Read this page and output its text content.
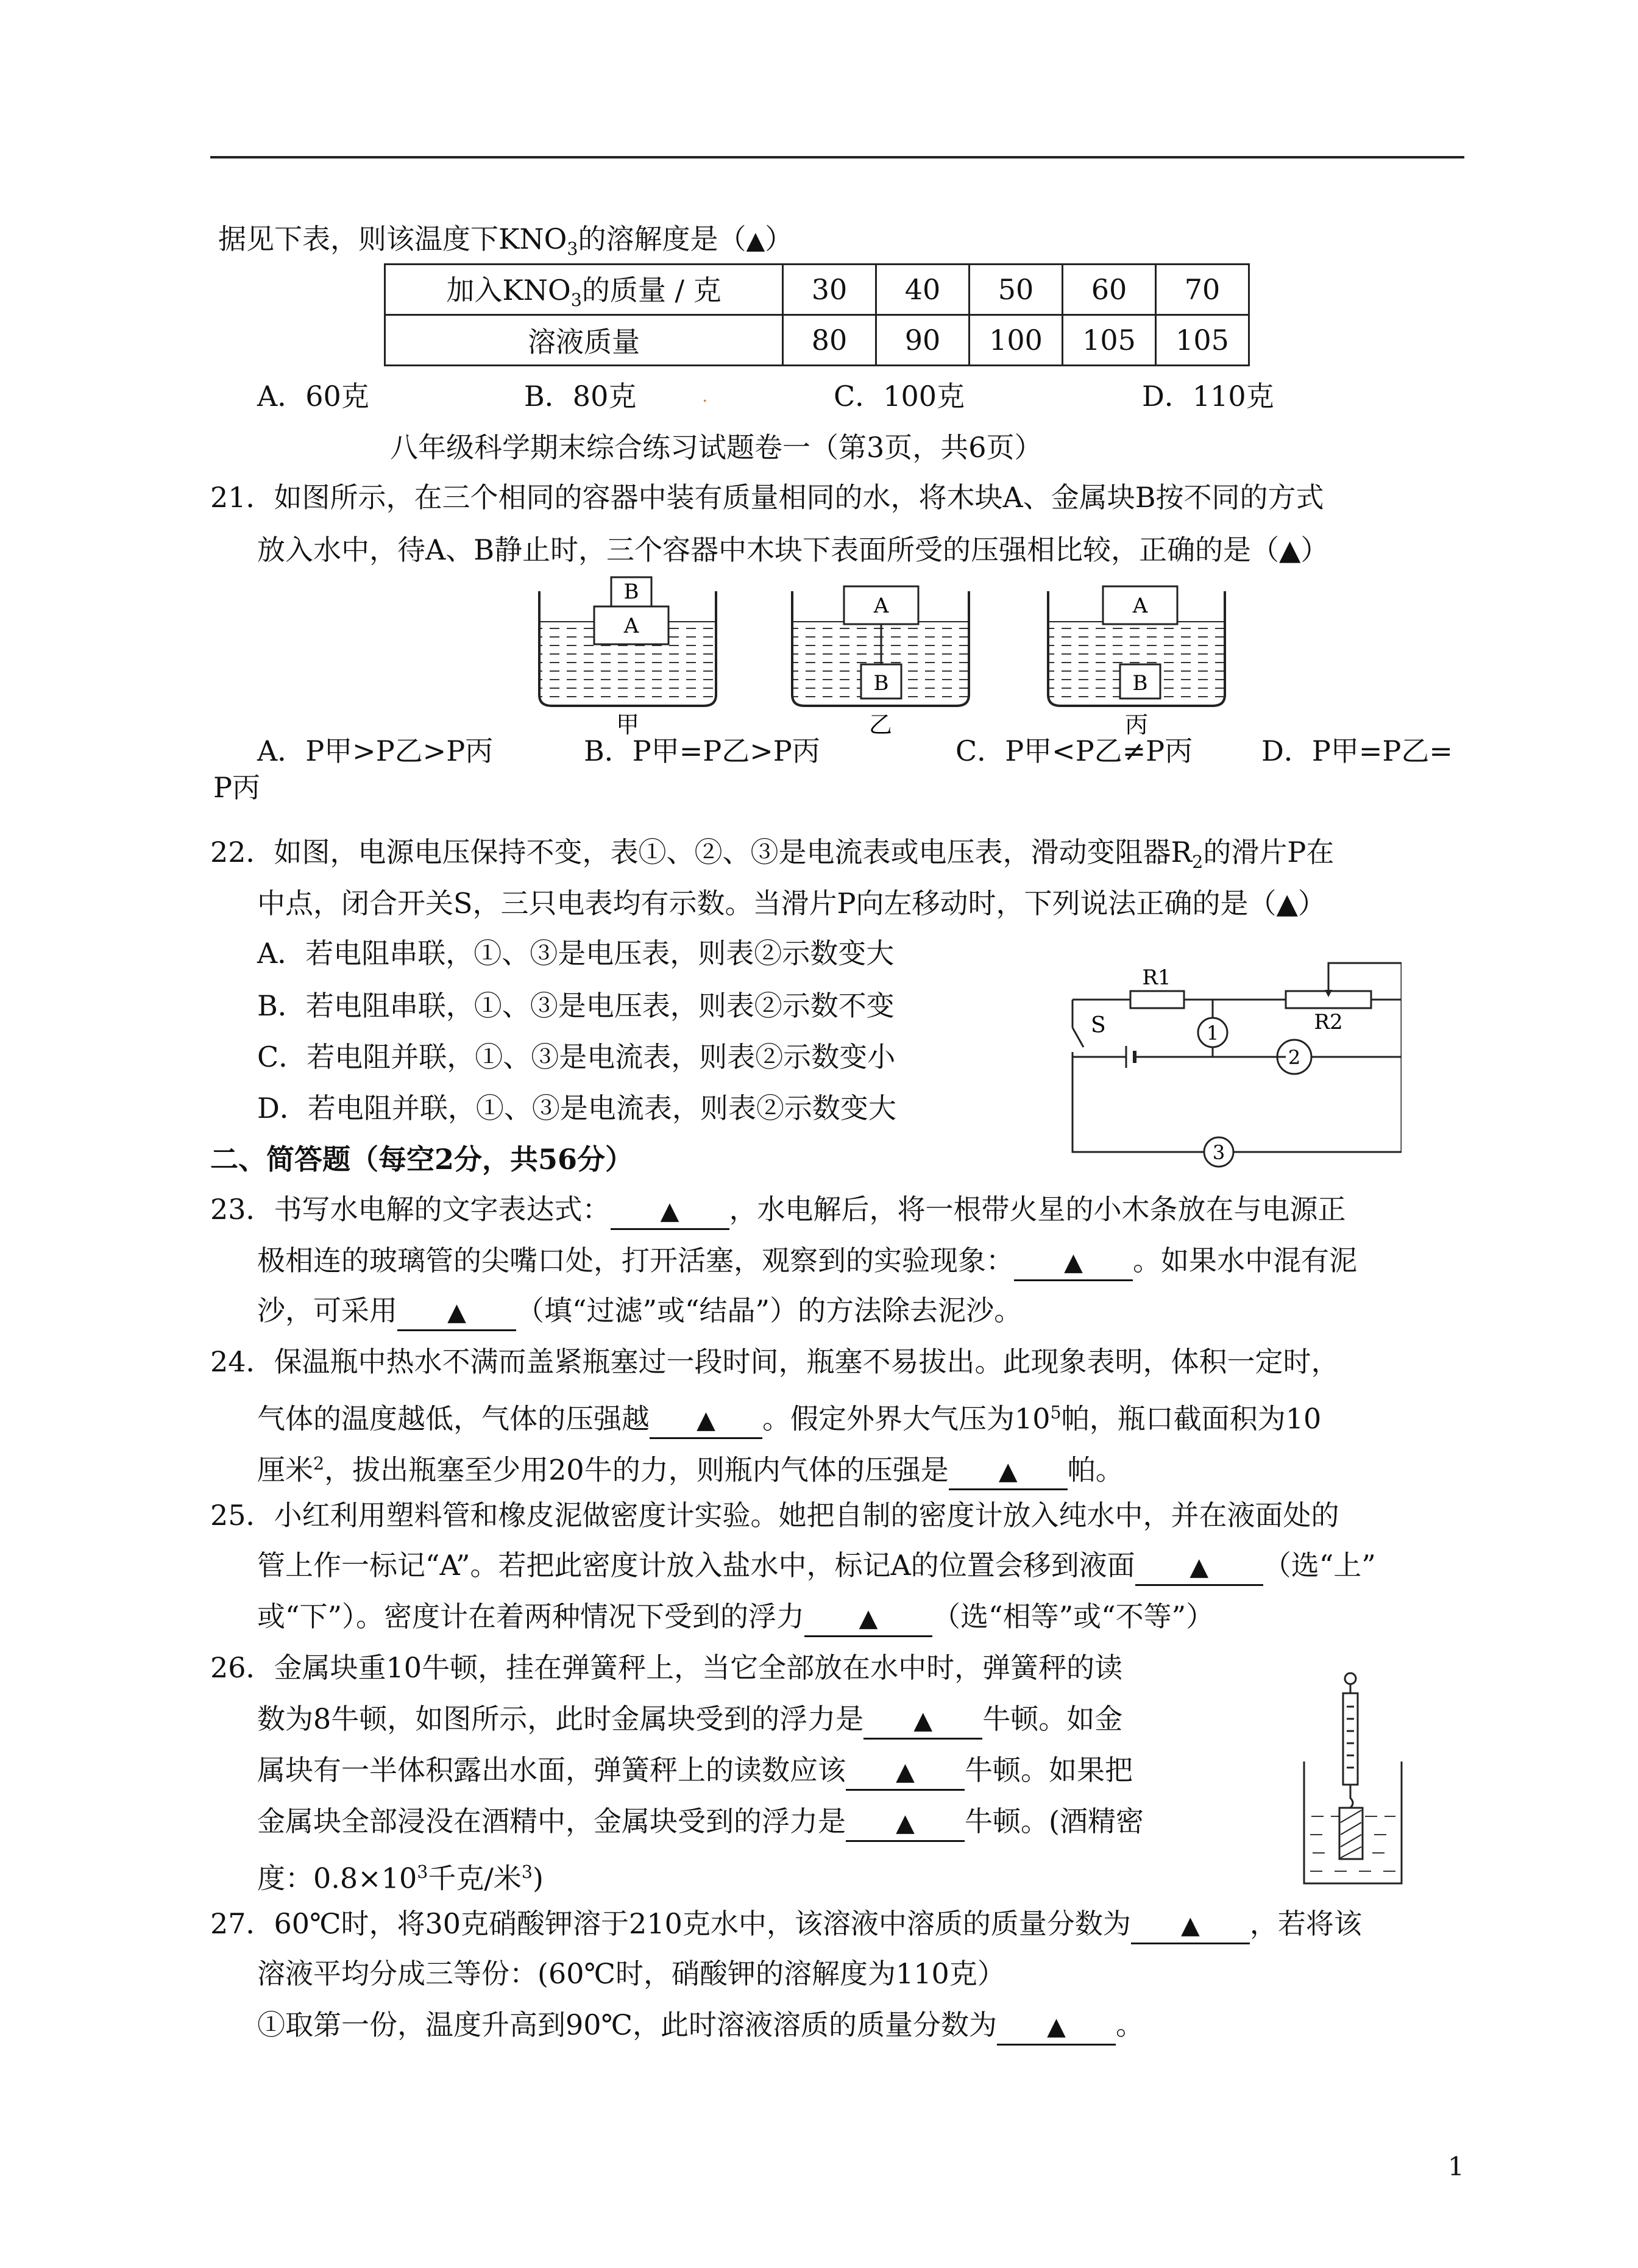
据见下表，则该温度下$KNO_3$的溶解度是（▲）
加入$KNO_3$的质量 / 克	30	40	50	60	70
溶液质量	80	90	100	105	105
A．60克	B．80克	.	C．100克	D．110克
八年级科学期末综合练习试题卷一（第3页，共6页）
21．如图所示，在三个相同的容器中装有质量相同的水，将木块A、金属块B按不同的方式
放入水中，待A、B静止时，三个容器中木块下表面所受的压强相比较，正确的是（▲）
A
B
A
B
A
B
甲	乙	丙
A．P甲>P乙>P丙	B．P甲=P乙>P丙	C．P甲<P乙≠P丙 D．P甲=P乙=
P丙
22．如图，电源电压保持不变，表①、②、③是电流表或电压表，滑动变阻器$R_2$的滑片P在
中点，闭合开关S，三只电表均有示数。当滑片P向左移动时，下列说法正确的是（▲）
A．若电阻串联，①、③是电压表，则表②示数变大
B．若电阻串联，①、③是电压表，则表②示数不变
C．若电阻并联，①、③是电流表，则表②示数变小
D．若电阻并联，①、③是电流表，则表②示数变大
R1
R2
S	1
2
3
二、简答题（每空2分，共56分）
23．书写水电解的文字表达式： ▲ ，水电解后，将一根带火星的小木条放在与电源正
极相连的玻璃管的尖嘴口处，打开活塞，观察到的实验现象： ▲ 。如果水中混有泥
沙，可采用 ▲ （填“过滤”或“结晶”）的方法除去泥沙。
24．保温瓶中热水不满而盖紧瓶塞过一段时间，瓶塞不易拔出。此现象表明，体积一定时，
气体的温度越低，气体的压强越 ▲ 。假定外界大气压为$10^5$帕，瓶口截面积为10
厘米$^2$，拔出瓶塞至少用20牛的力，则瓶内气体的压强是 ▲ 帕。
25．小红利用塑料管和橡皮泥做密度计实验。她把自制的密度计放入纯水中，并在液面处的
管上作一标记“A”。若把此密度计放入盐水中，标记A的位置会移到液面 ▲ （选“上”
或“下”）。密度计在着两种情况下受到的浮力 ▲ （选“相等”或“不等”）
26．金属块重10牛顿，挂在弹簧秤上，当它全部放在水中时，弹簧秤的读
数为8牛顿，如图所示，此时金属块受到的浮力是 ▲ 牛顿。如金
属块有一半体积露出水面，弹簧秤上的读数应该 ▲ 牛顿。如果把
金属块全部浸没在酒精中，金属块受到的浮力是 ▲ 牛顿。(酒精密
度：$0.8\times 10^3$千克/米$^3$)
27．60℃时，将30克硝酸钾溶于210克水中，该溶液中溶质的质量分数为 ▲ ，若将该
溶液平均分成三等份：(60℃时，硝酸钾的溶解度为110克）
①取第一份，温度升高到90℃，此时溶液溶质的质量分数为 ▲ 。
1
